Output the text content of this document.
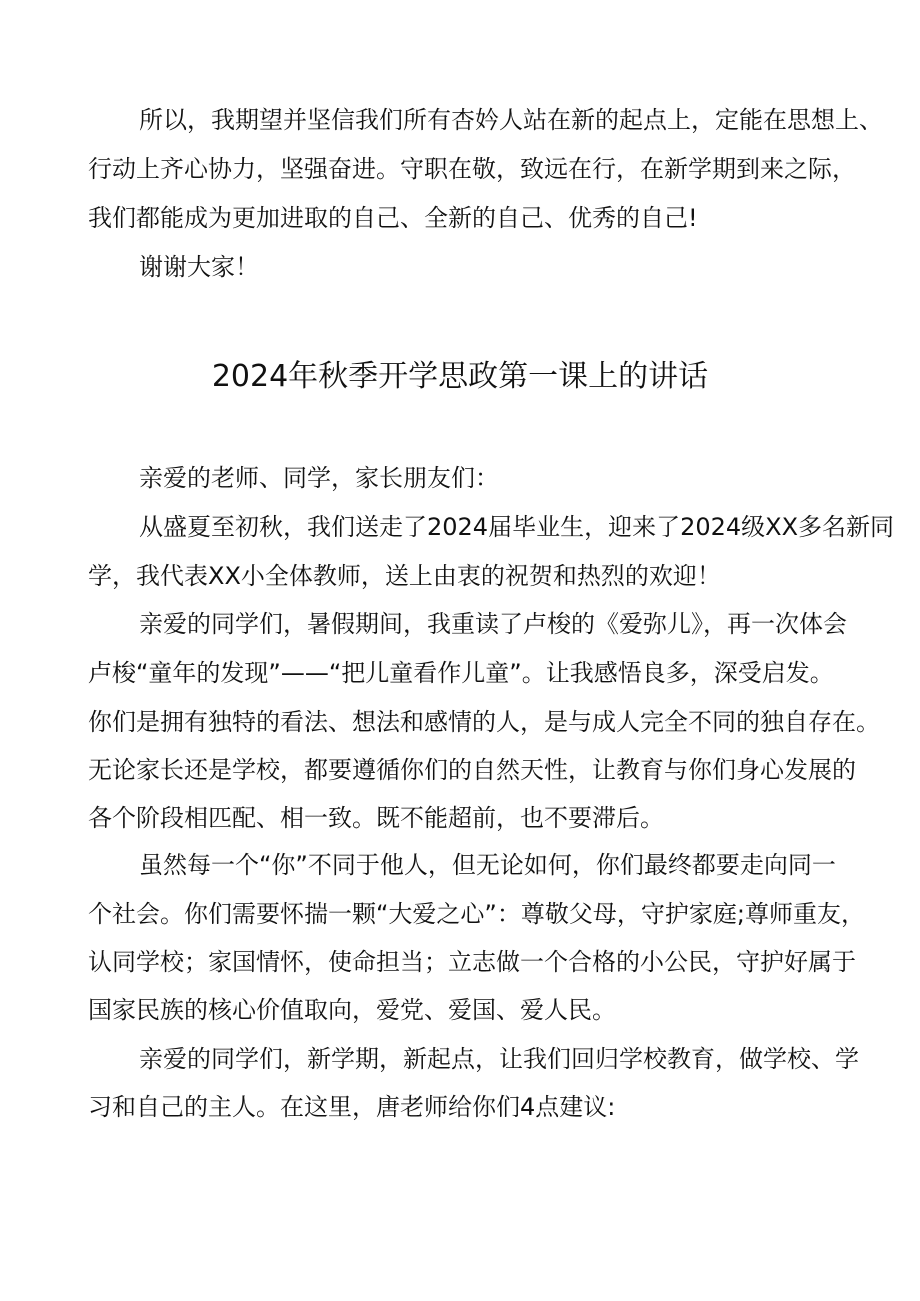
所以，我期望并坚信我们所有杏妗人站在新的起点上，定能在思想上、
行动上齐心协力，坚强奋进。守职在敬，致远在行，在新学期到来之际，
我们都能成为更加进取的自己、全新的自己、优秀的自己!
谢谢大家！
2024年秋季开学思政第一课上的讲话
亲爱的老师、同学，家长朋友们：
从盛夏至初秋，我们送走了2024届毕业生，迎来了2024级XX多名新同
学，我代表XX小全体教师，送上由衷的祝贺和热烈的欢迎！
亲爱的同学们，暑假期间，我重读了卢梭的《爱弥儿》，再一次体会
卢梭“童年的发现”——“把儿童看作儿童”。让我感悟良多，深受启发。
你们是拥有独特的看法、想法和感情的人，是与成人完全不同的独自存在。
无论家长还是学校，都要遵循你们的自然天性，让教育与你们身心发展的
各个阶段相匹配、相一致。既不能超前，也不要滞后。
虽然每一个“你”不同于他人，但无论如何，你们最终都要走向同一
个社会。你们需要怀揣一颗“大爱之心”：尊敬父母，守护家庭;尊师重友，
认同学校；家国情怀，使命担当；立志做一个合格的小公民，守护好属于
国家民族的核心价值取向，爱党、爱国、爱人民。
亲爱的同学们，新学期，新起点，让我们回归学校教育，做学校、学
习和自己的主人。在这里，唐老师给你们4点建议:
